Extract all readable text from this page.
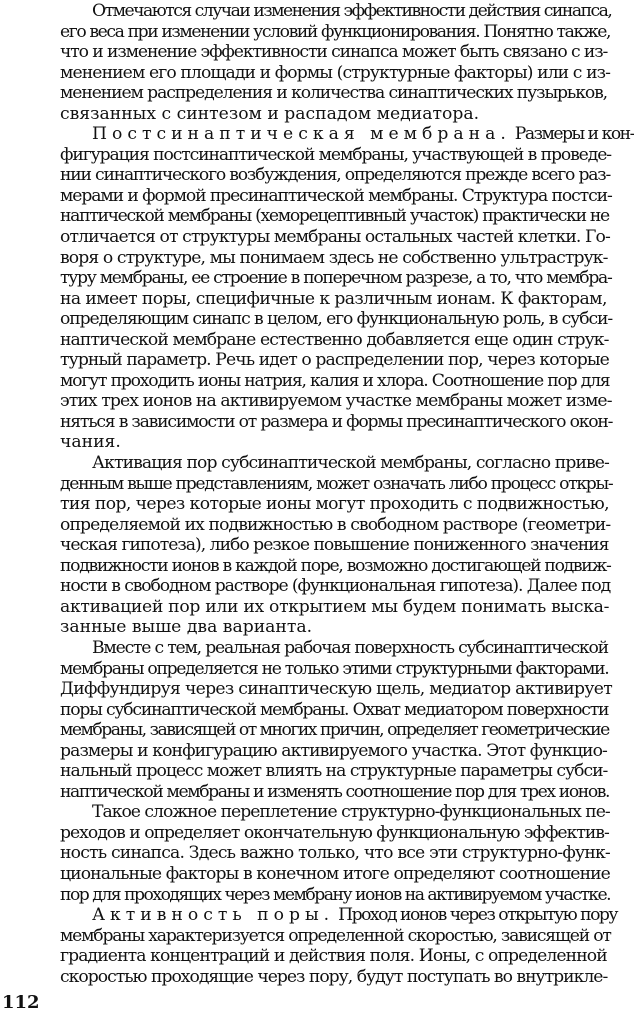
Отмечаются случаи изменения эффективности действия синапса,
его веса при изменении условий функционирования. Понятно также,
что и изменение эффективности синапса может быть связано с из-
менением его площади и формы (структурные факторы) или с из-
менением распределения и количества синаптических пузырьков,
связанных с синтезом и распадом медиатора.
Постсинаптическая мембрана. Размеры и кон-
фигурация постсинаптической мембраны, участвующей в проведе-
нии синаптического возбуждения, определяются прежде всего раз-
мерами и формой пресинаптической мембраны. Структура постси-
наптической мембраны (хеморецептивный участок) практически не
отличается от структуры мембраны остальных частей клетки. Го-
воря о структуре, мы понимаем здесь не собственно ультраструк-
туру мембраны, ее строение в поперечном разрезе, а то, что мембра-
на имеет поры, специфичные к различным ионам. К факторам,
определяющим синапс в целом, его функциональную роль, в субси-
наптической мембране естественно добавляется еще один струк-
турный параметр. Речь идет о распределении пор, через которые
могут проходить ионы натрия, калия и хлора. Соотношение пор для
этих трех ионов на активируемом участке мембраны может изме-
няться в зависимости от размера и формы пресинаптического окон-
чания.
Активация пор субсинаптической мембраны, согласно приве-
денным выше представлениям, может означать либо процесс откры-
тия пор, через которые ионы могут проходить с подвижностью,
определяемой их подвижностью в свободном растворе (геометри-
ческая гипотеза), либо резкое повышение пониженного значения
подвижности ионов в каждой поре, возможно достигающей подвиж-
ности в свободном растворе (функциональная гипотеза). Далее под
активацией пор или их открытием мы будем понимать выска-
занные выше два варианта.
Вместе с тем, реальная рабочая поверхность субсинаптической
мембраны определяется не только этими структурными факторами.
Диффундируя через синаптическую щель, медиатор активирует
поры субсинаптической мембраны. Охват медиатором поверхности
мембраны, зависящей от многих причин, определяет геометрические
размеры и конфигурацию активируемого участка. Этот функцио-
нальный процесс может влиять на структурные параметры субси-
наптической мембраны и изменять соотношение пор для трех ионов.
Такое сложное переплетение структурно-функциональных пе-
реходов и определяет окончательную функциональную эффектив-
ность синапса. Здесь важно только, что все эти структурно-функ-
циональные факторы в конечном итоге определяют соотношение
пор для проходящих через мембрану ионов на активируемом участке.
Активность поры. Проход ионов через открытую пору
мембраны характеризуется определенной скоростью, зависящей от
градиента концентраций и действия поля. Ионы, с определенной
скоростью проходящие через пору, будут поступать во внутрикле-
112
